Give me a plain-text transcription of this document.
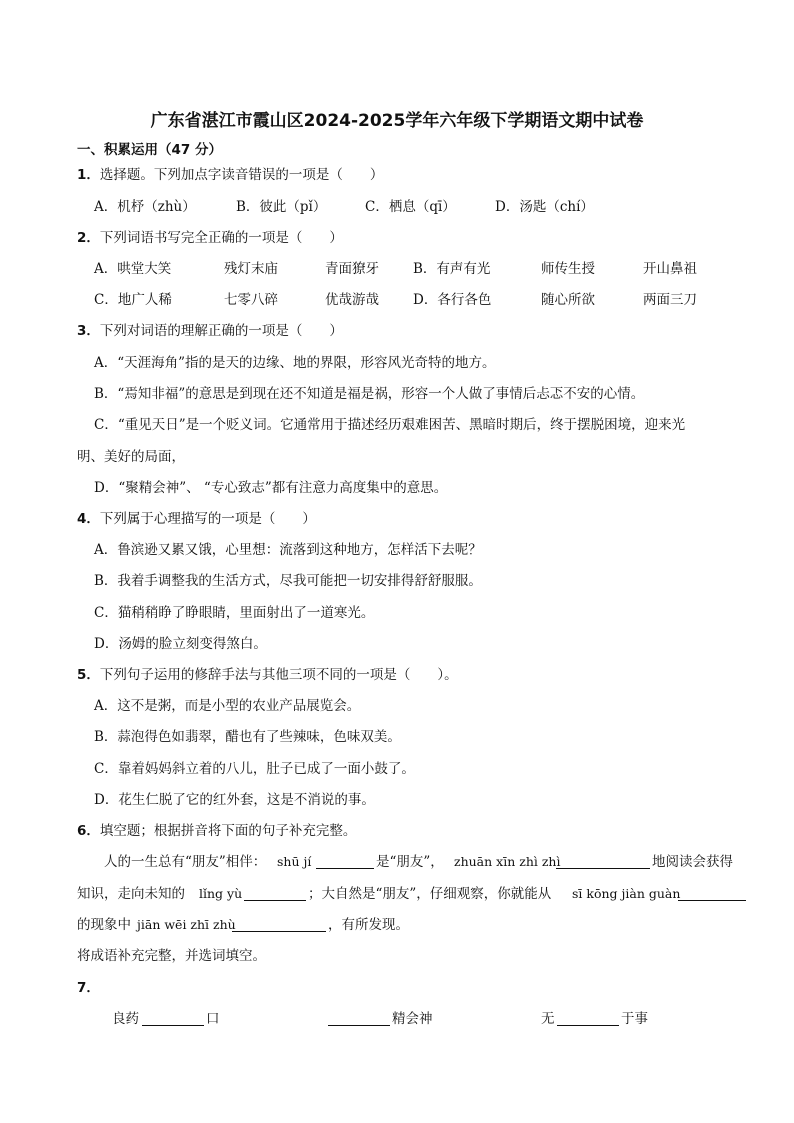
广东省湛江市霞山区2024-2025学年六年级下学期语文期中试卷
一、积累运用（47 分）
1．选择题。下列加点字读音错误的一项是（　　）
A．机杼（zhù）	B．彼此（pǐ）	C．栖息（qī）	D．汤匙（chí）
2．下列词语书写完全正确的一项是（　　）
A．哄堂大笑	残灯末庙	青面獠牙	B．有声有光	师传生授	开山鼻祖
C．地广人稀	七零八碎	优哉游哉	D．各行各色	随心所欲	两面三刀
3．下列对词语的理解正确的一项是（　　）
A．“天涯海角”指的是天的边缘、地的界限，形容风光奇特的地方。
B．“焉知非福”的意思是到现在还不知道是福是祸，形容一个人做了事情后忐忑不安的心情。
C．“重见天日”是一个贬义词。它通常用于描述经历艰难困苦、黑暗时期后，终于摆脱困境，迎来光
明、美好的局面，
D．“聚精会神”、 “专心致志”都有注意力高度集中的意思。
4．下列属于心理描写的一项是（　　）
A．鲁滨逊又累又饿，心里想：流落到这种地方，怎样活下去呢？
B．我着手调整我的生活方式，尽我可能把一切安排得舒舒服服。
C．猫稍稍睁了睁眼睛，里面射出了一道寒光。
D．汤姆的脸立刻变得煞白。
5．下列句子运用的修辞手法与其他三项不同的一项是（　　）。
A．这不是粥，而是小型的农业产品展览会。
B．蒜泡得色如翡翠，醋也有了些辣味，色味双美。
C．靠着妈妈斜立着的八儿，肚子已成了一面小鼓了。
D．花生仁脱了它的红外套，这是不消说的事。
6．填空题；根据拼音将下面的句子补充完整。
人的一生总有“朋友”相伴： shū jí	是“朋友”， zhuān xīn zhì zhì	地阅读会获得
知识，走向未知的 lǐng yù	；大自然是“朋友”，仔细观察，你就能从 sī kōng jiàn guàn
的现象中 jiān wēi zhī zhù	，有所发现。
将成语补充完整，并选词填空。
7．
良药	口	精会神	无	于事
